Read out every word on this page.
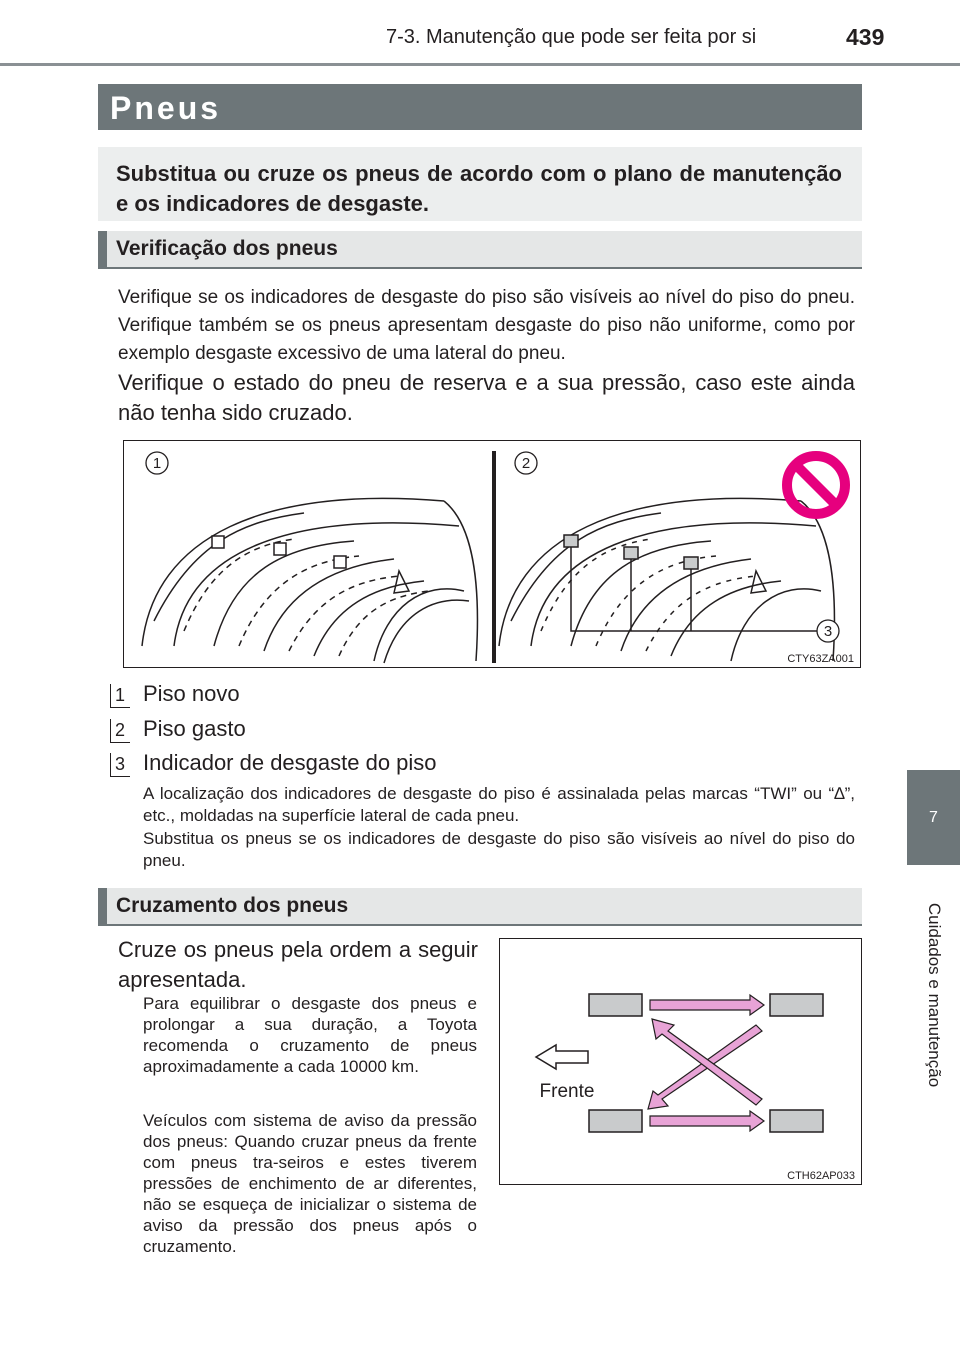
7-3. Manutenção que pode ser feita por si	439
7
Cuidados e manutenção
Pneus

Substitua ou cruze os pneus de acordo com o plano de manutenção e os indicadores de desgaste.

Verificação dos pneus

Verifique se os indicadores de desgaste do piso são visíveis ao nível do piso do pneu. Verifique também se os pneus apresentam desgaste do piso não uniforme, como por exemplo desgaste excessivo de uma lateral do pneu.

Verifique o estado do pneu de reserva e a sua pressão, caso este ainda não tenha sido cruzado.

1	2
3
CTY63ZA001
1 Piso novo
2 Piso gasto
3 Indicador de desgaste do piso

A localização dos indicadores de desgaste do piso é assinalada pelas marcas “TWI” ou “∆”, etc., moldadas na superfície lateral de cada pneu.

Substitua os pneus se os indicadores de desgaste do piso são visíveis ao nível do piso do pneu.

Cruzamento dos pneus

Cruze os pneus pela ordem a seguir apresentada.

Para equilibrar o desgaste dos pneus e prolongar a sua duração, a Toyota recomenda o cruzamento de pneus aproximadamente a cada 10000 km.

Veículos com sistema de aviso da pressão dos pneus: Quando cruzar pneus da frente com pneus tra-seiros e estes tiverem pressões de enchimento de ar diferentes, não se esqueça de inicializar o sistema de aviso da pressão dos pneus após o cruzamento.

Frente
CTH62AP033
